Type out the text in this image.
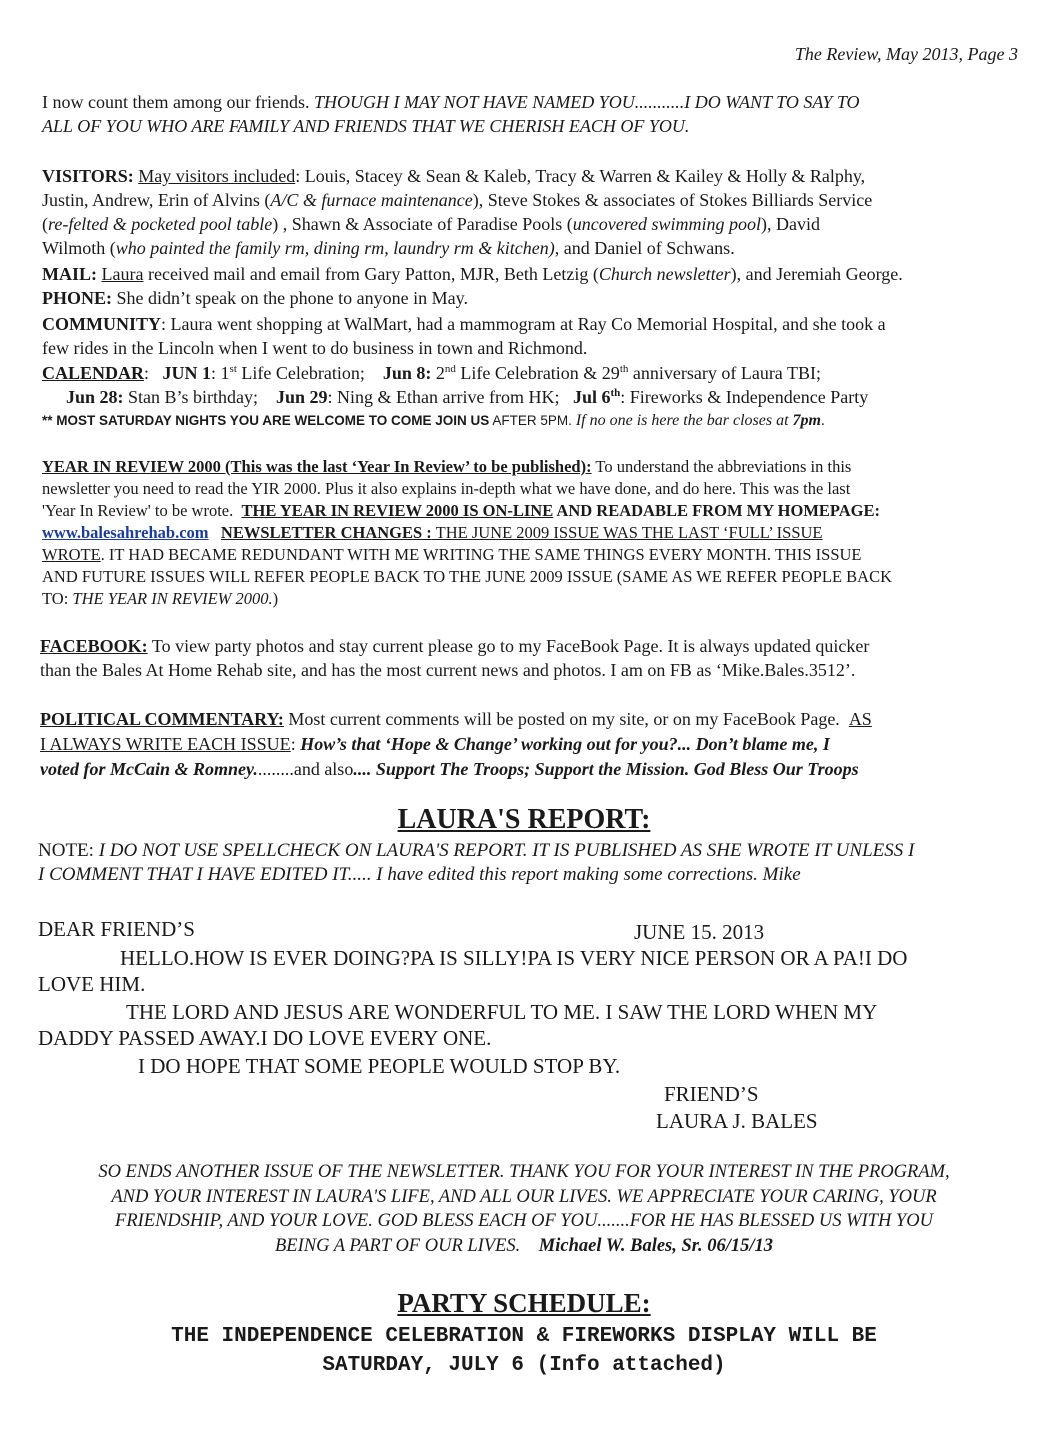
The Review, May 2013, Page 3
I now count them among our friends. THOUGH I MAY NOT HAVE NAMED YOU...........I DO WANT TO SAY TO
ALL OF YOU WHO ARE FAMILY AND FRIENDS THAT WE CHERISH EACH OF YOU.
VISITORS: May visitors included: Louis, Stacey & Sean & Kaleb, Tracy & Warren & Kailey & Holly & Ralphy,
Justin, Andrew, Erin of Alvins (A/C & furnace maintenance), Steve Stokes & associates of Stokes Billiards Service
(re-felted & pocketed pool table) , Shawn & Associate of Paradise Pools (uncovered swimming pool), David
Wilmoth (who painted the family rm, dining rm, laundry rm & kitchen), and Daniel of Schwans.
MAIL: Laura received mail and email from Gary Patton, MJR, Beth Letzig (Church newsletter), and Jeremiah George.
PHONE: She didn’t speak on the phone to anyone in May.
COMMUNITY: Laura went shopping at WalMart, had a mammogram at Ray Co Memorial Hospital, and she took a
few rides in the Lincoln when I went to do business in town and Richmond.
CALENDAR:   JUN 1: 1st Life Celebration; Jun 8: 2nd Life Celebration & 29th anniversary of Laura TBI;
Jun 28: Stan B’s birthday; Jun 29: Ning & Ethan arrive from HK; Jul 6th: Fireworks & Independence Party
** MOST SATURDAY NIGHTS YOU ARE WELCOME TO COME JOIN US AFTER 5PM. If no one is here the bar closes at 7pm.
YEAR IN REVIEW 2000 (This was the last ‘Year In Review’ to be published): To understand the abbreviations in this
newsletter you need to read the YIR 2000. Plus it also explains in-depth what we have done, and do here. This was the last
'Year In Review' to be wrote. THE YEAR IN REVIEW 2000 IS ON-LINE AND READABLE FROM MY HOMEPAGE:
www.balesahrehab.com NEWSLETTER CHANGES : THE JUNE 2009 ISSUE WAS THE LAST ‘FULL’ ISSUE
WROTE. IT HAD BECAME REDUNDANT WITH ME WRITING THE SAME THINGS EVERY MONTH. THIS ISSUE
AND FUTURE ISSUES WILL REFER PEOPLE BACK TO THE JUNE 2009 ISSUE (SAME AS WE REFER PEOPLE BACK
TO: THE YEAR IN REVIEW 2000.)
FACEBOOK: To view party photos and stay current please go to my FaceBook Page. It is always updated quicker
than the Bales At Home Rehab site, and has the most current news and photos. I am on FB as ‘Mike.Bales.3512’.
POLITICAL COMMENTARY: Most current comments will be posted on my site, or on my FaceBook Page. AS
I ALWAYS WRITE EACH ISSUE: How’s that ‘Hope & Change’ working out for you?... Don’t blame me, I
voted for McCain & Romney.........and also.... Support The Troops; Support the Mission. God Bless Our Troops
LAURA'S REPORT:
NOTE: I DO NOT USE SPELLCHECK ON LAURA'S REPORT. IT IS PUBLISHED AS SHE WROTE IT UNLESS I
I COMMENT THAT I HAVE EDITED IT..... I have edited this report making some corrections. Mike
DEAR FRIEND’S	JUNE 15. 2013
HELLO.HOW IS EVER DOING?PA IS SILLY!PA IS VERY NICE PERSON OR A PA!I DO
LOVE HIM.
THE LORD AND JESUS ARE WONDERFUL TO ME. I SAW THE LORD WHEN MY
DADDY PASSED AWAY.I DO LOVE EVERY ONE.
I DO HOPE THAT SOME PEOPLE WOULD STOP BY.
FRIEND’S
LAURA J. BALES
SO ENDS ANOTHER ISSUE OF THE NEWSLETTER. THANK YOU FOR YOUR INTEREST IN THE PROGRAM,
AND YOUR INTEREST IN LAURA'S LIFE, AND ALL OUR LIVES. WE APPRECIATE YOUR CARING, YOUR
FRIENDSHIP, AND YOUR LOVE. GOD BLESS EACH OF YOU.......FOR HE HAS BLESSED US WITH YOU
BEING A PART OF OUR LIVES. Michael W. Bales, Sr. 06/15/13
PARTY SCHEDULE:
THE INDEPENDENCE CELEBRATION & FIREWORKS DISPLAY WILL BE
SATURDAY, JULY 6 (Info attached)
